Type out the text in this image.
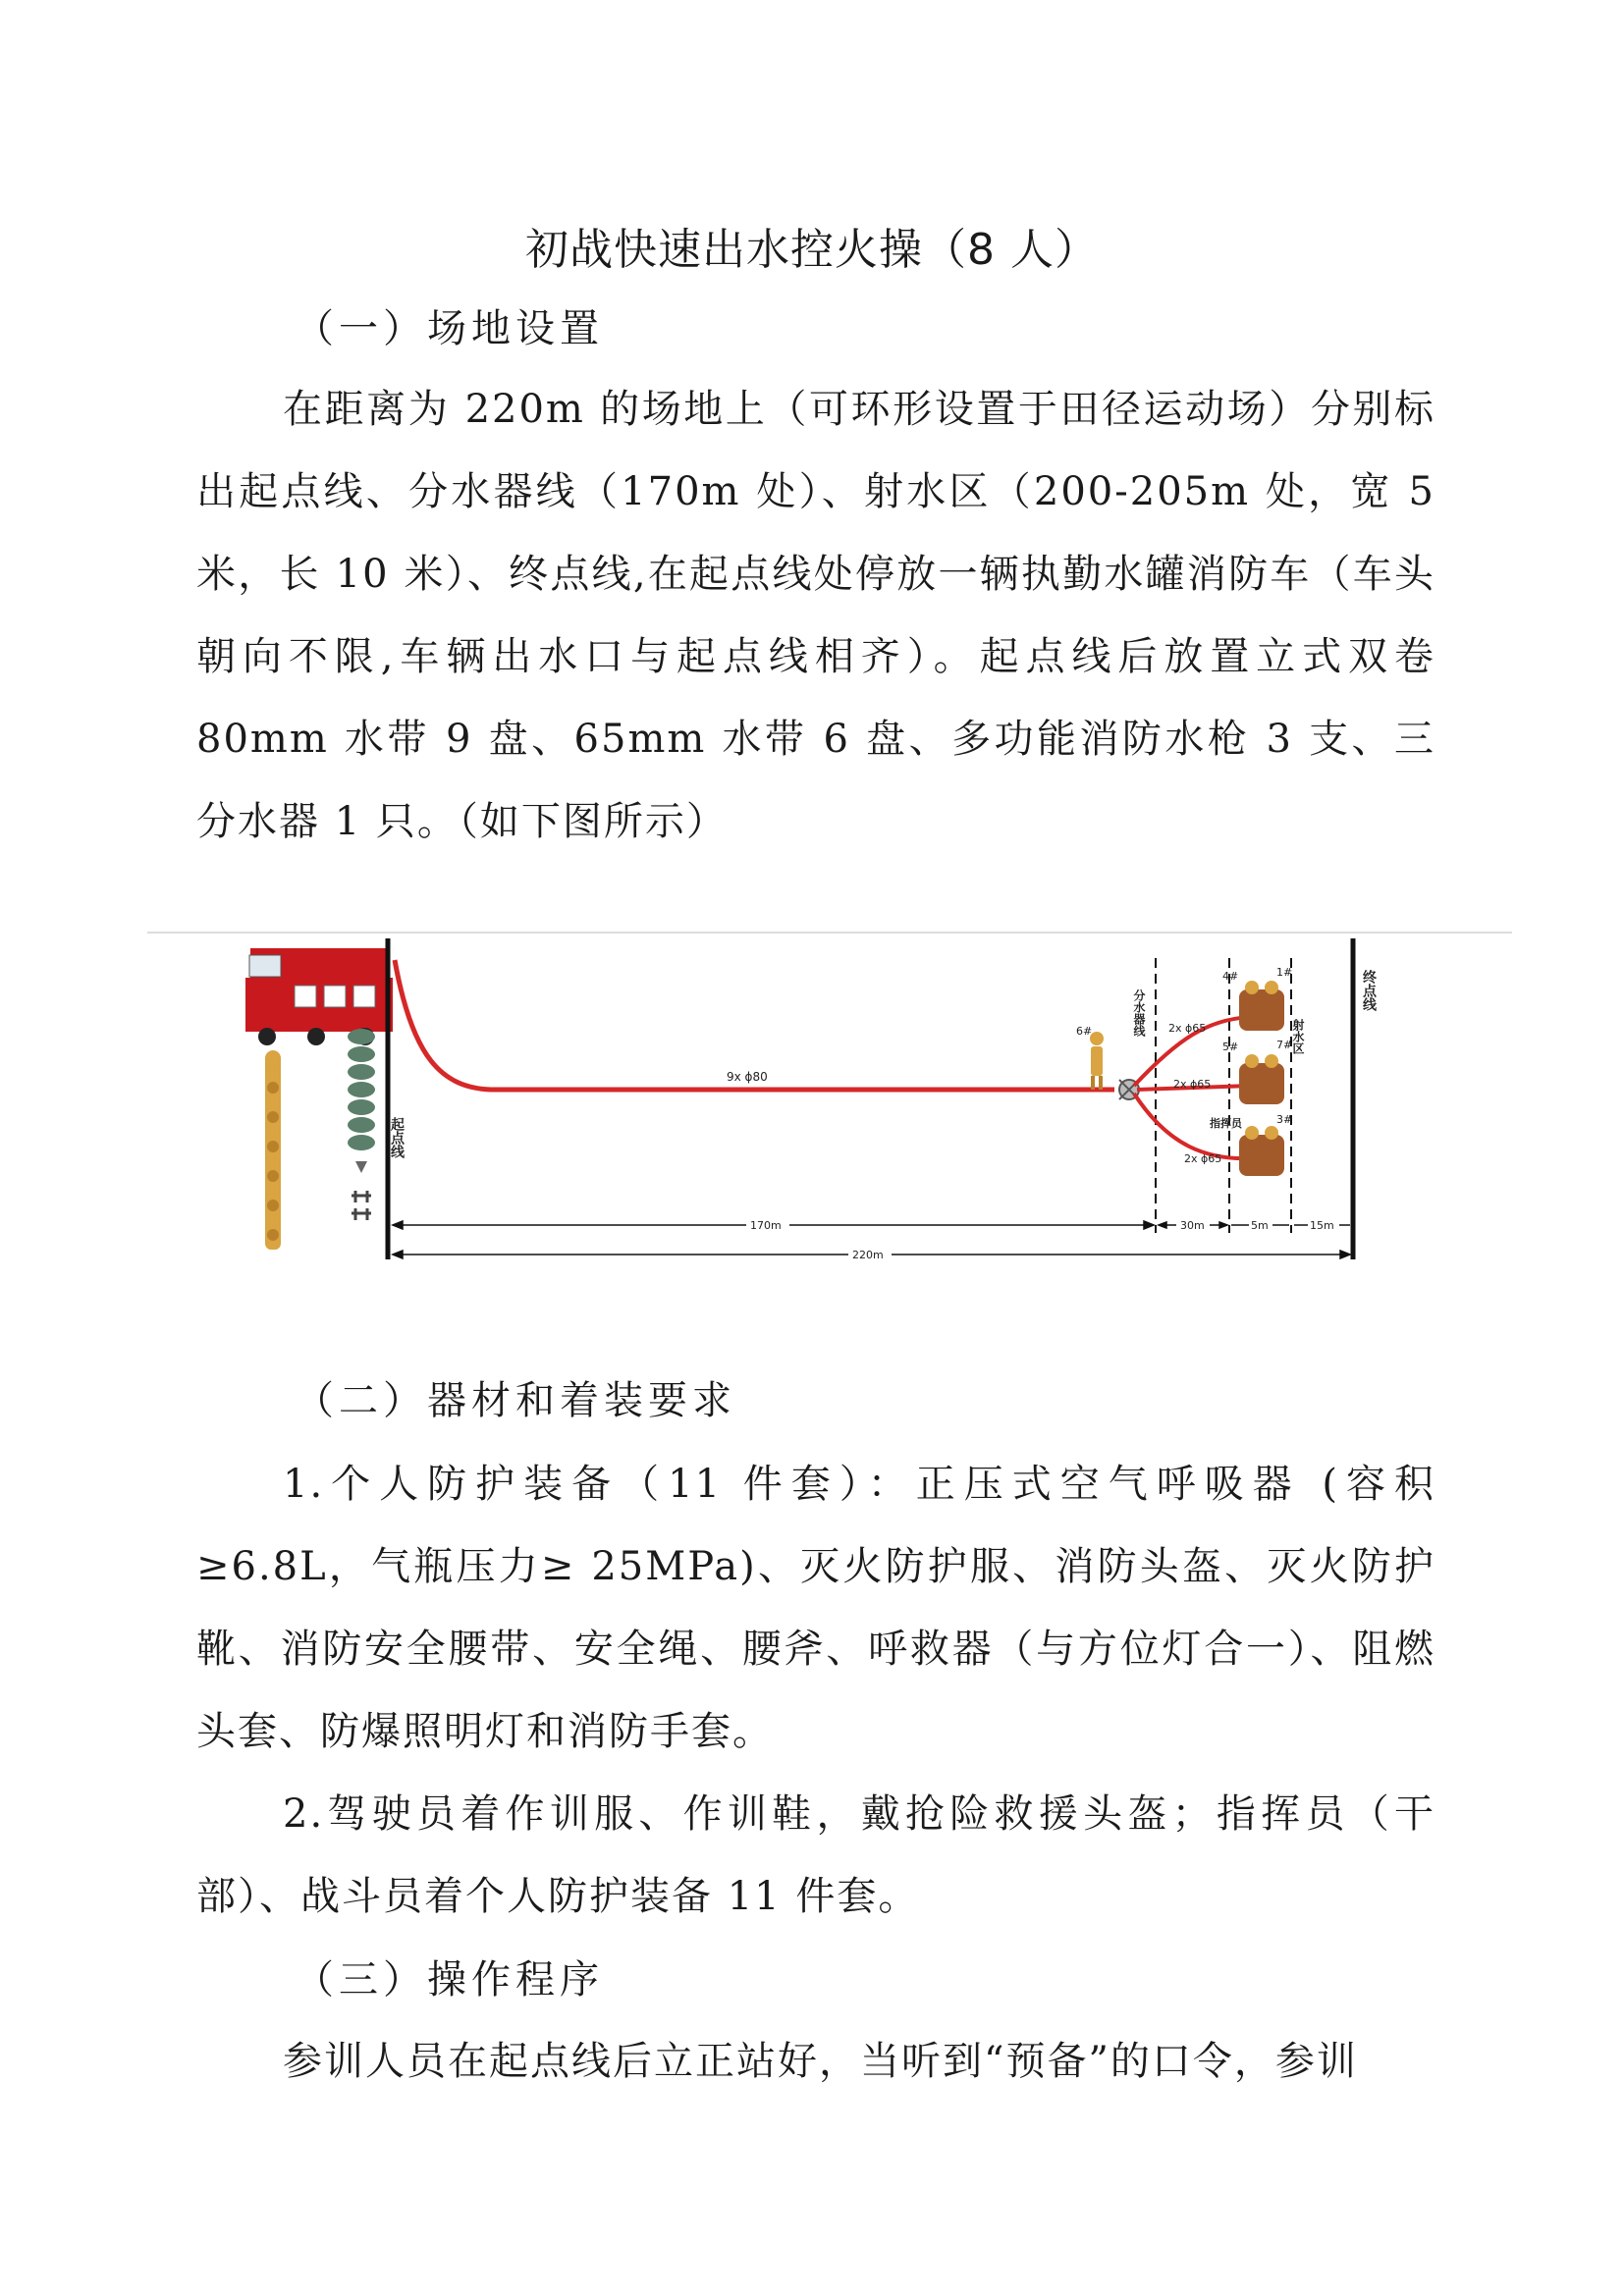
初战快速出水控火操（8 人）
（一）场地设置

在距离为 220m 的场地上（可环形设置于田径运动场）分别标出起点线、分水器线（170m 处）、射水区（200-205m 处，宽 5 米，长 10 米）、终点线,在起点线处停放一辆执勤水罐消防车（车头朝向不限,车辆出水口与起点线相齐）。起点线后放置立式双卷 80mm 水带 9 盘、65mm 水带 6 盘、多功能消防水枪 3 支、三分水器 1 只。（如下图所示）

起点线
9x ϕ80
6#	分水器线	射水区
2x ϕ65
2x ϕ65
2x ϕ65
4#	1#
5#	7#
3#
指挥员
终点线
170m	30m	5m	15m
220m
（二）器材和着装要求

1.个人防护装备（11 件套）：正压式空气呼吸器 (容积≥6.8L，气瓶压力≥ 25MPa)、灭火防护服、消防头盔、灭火防护靴、消防安全腰带、安全绳、腰斧、呼救器（与方位灯合一）、阻燃头套、防爆照明灯和消防手套。

2.驾驶员着作训服、作训鞋，戴抢险救援头盔；指挥员（干部）、战斗员着个人防护装备 11 件套。

（三）操作程序

参训人员在起点线后立正站好，当听到“预备”的口令，参训
